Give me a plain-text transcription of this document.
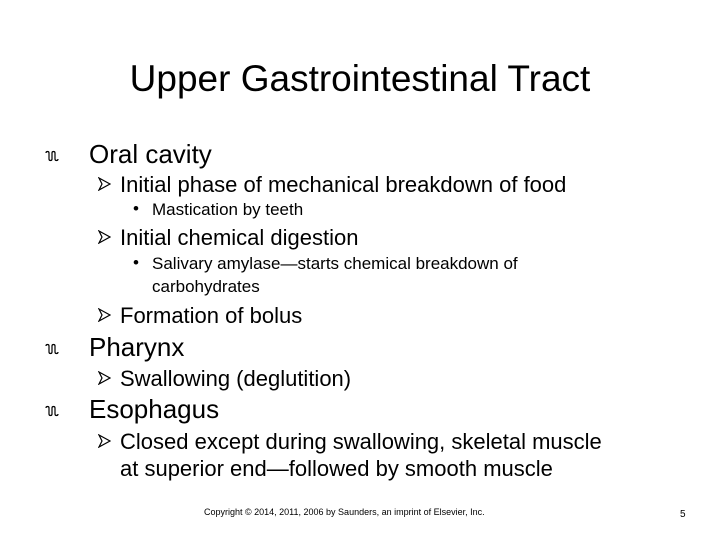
Upper Gastrointestinal Tract
Oral cavity
Initial phase of mechanical breakdown of food
• Mastication by teeth
Initial chemical digestion
• Salivary amylase—starts chemical breakdown of
carbohydrates
Formation of bolus
Pharynx
Swallowing (deglutition)
Esophagus
Closed except during swallowing, skeletal muscle
at superior end—followed by smooth muscle
Copyright © 2014, 2011, 2006 by Saunders, an imprint of Elsevier, Inc.	5
